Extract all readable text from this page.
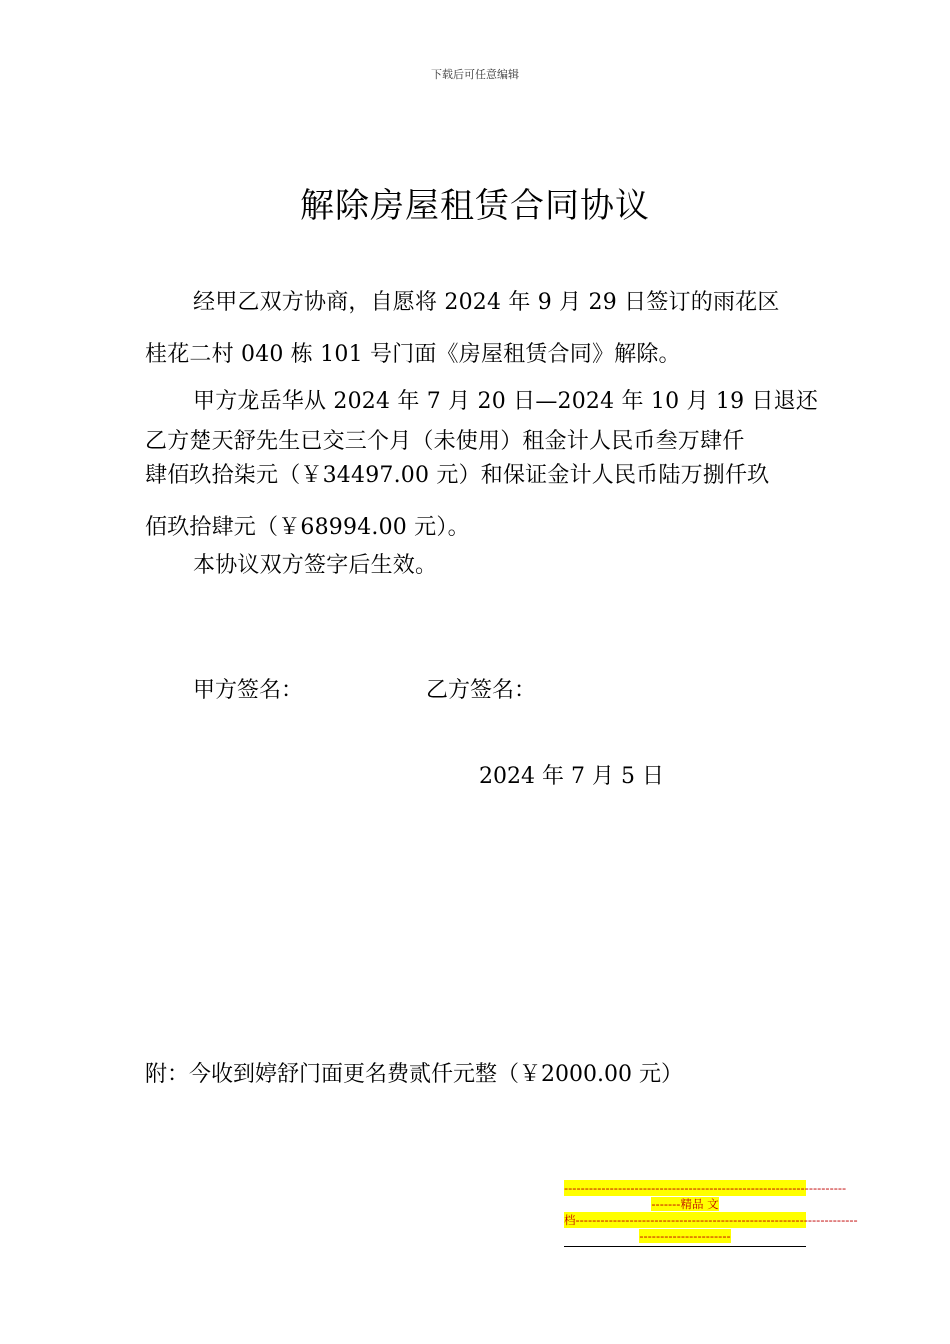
下载后可任意编辑
解除房屋租赁合同协议
经甲乙双方协商，自愿将 2024 年 9 月 29 日签订的雨花区
桂花二村 040 栋 101 号门面《房屋租赁合同》解除。
甲方龙岳华从 2024 年 7 月 20 日—2024 年 10 月 19 日退还
乙方楚天舒先生已交三个月（未使用）租金计人民币叁万肆仟
肆佰玖拾柒元（￥34497.00 元）和保证金计人民币陆万捌仟玖
佰玖拾肆元（￥68994.00 元）。
本协议双方签字后生效。
甲方签名：	乙方签名：
2024 年 7 月 5 日
附：今收到婷舒门面更名费贰仟元整（￥2000.00 元）
--------------------------------------------------------------------
-------精品 文
档--------------------------------------------------------------------
----------------------
